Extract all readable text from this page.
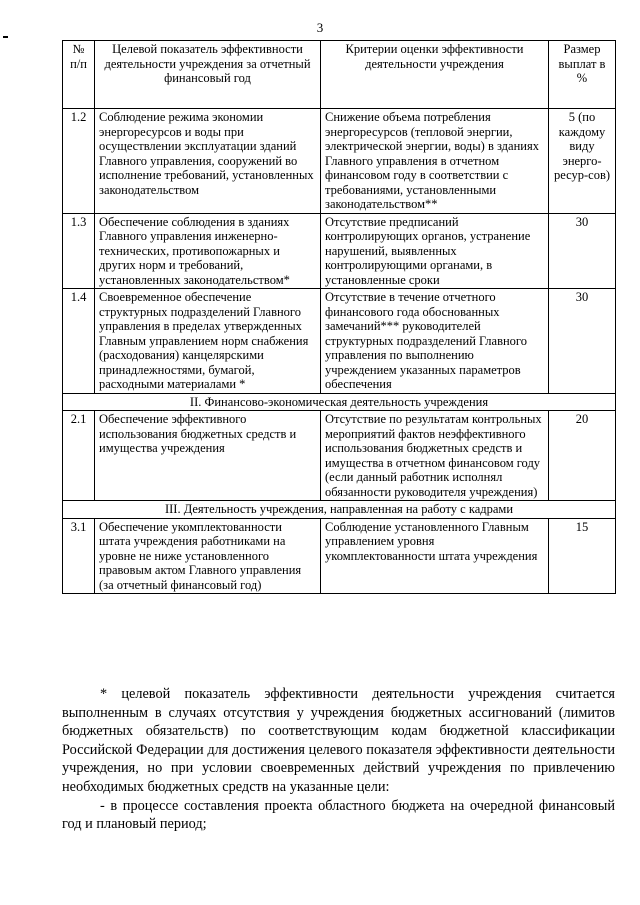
3
№ п/п	Целевой показатель эффективности деятельности учреждения за отчетный финансовый год	Критерии оценки эффективности деятельности учреждения	Размер выплат в %
1.2	Соблюдение режима экономии энергоресурсов и воды при осуществлении эксплуатации зданий Главного управления, сооружений во исполнение требований, установленных законодательством	Снижение объема потребления энергоресурсов (тепловой энергии, электрической энергии, воды) в зданиях Главного управления в отчетном финансовом году в соответствии с требованиями, установленными законодательством**	5 (по каждому виду энерго-ресур-сов)
1.3	Обеспечение соблюдения в зданиях Главного управления инженерно-технических, противопожарных и других норм и требований, установленных законодательством*	Отсутствие предписаний контролирующих органов, устранение нарушений, выявленных контролирующими органами, в установленные сроки	30
1.4	Своевременное обеспечение структурных подразделений Главного управления в пределах утвержденных Главным управлением норм снабжения (расходования) канцелярскими принадлежностями, бумагой, расходными материалами *	Отсутствие в течение отчетного финансового года обоснованных замечаний*** руководителей структурных подразделений Главного управления по выполнению учреждением указанных параметров обеспечения	30
II. Финансово-экономическая деятельность учреждения			
2.1	Обеспечение эффективного использования бюджетных средств и имущества учреждения	Отсутствие по результатам контрольных мероприятий фактов неэффективного использования бюджетных средств и имущества в отчетном финансовом году (если данный работник исполнял обязанности руководителя учреждения)	20
III. Деятельность учреждения, направленная на работу с кадрами			
3.1	Обеспечение укомплектованности штата учреждения работниками на уровне не ниже установленного правовым актом Главного управления (за отчетный финансовый год)	Соблюдение установленного Главным управлением уровня укомплектованности штата учреждения	15

* целевой показатель эффективности деятельности учреждения считается выполненным в случаях отсутствия у учреждения бюджетных ассигнований (лимитов бюджетных обязательств) по соответствующим кодам бюджетной классификации Российской Федерации для достижения целевого показателя эффективности деятельности учреждения, но при условии своевременных действий учреждения по привлечению необходимых бюджетных средств на указанные цели:

- в процессе составления проекта областного бюджета на очередной финансовый год и плановый период;
